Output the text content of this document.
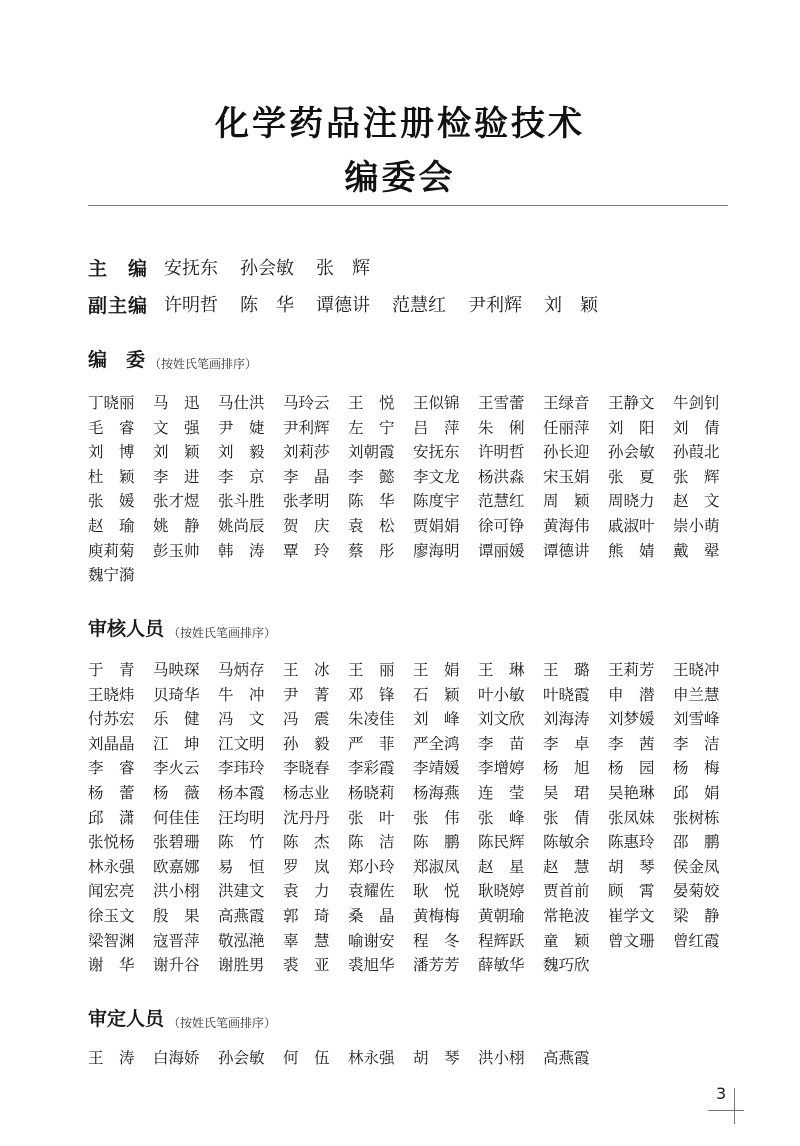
化学药品注册检验技术
编委会
主　编 安抚东 孙会敏 张　辉
副主编 许明哲 陈　华 谭德讲 范慧红 尹利辉 刘　颖
编　委 （按姓氏笔画排序）
丁晓丽	马　迅	马仕洪	马玲云	王　悦	王似锦	王雪蕾	王绿音	王静文	牛剑钊
毛　睿	文　强	尹　婕	尹利辉	左　宁	吕　萍	朱　俐	任丽萍	刘　阳	刘　倩
刘　博	刘　颖	刘　毅	刘莉莎	刘朝霞	安抚东	许明哲	孙长迎	孙会敏	孙葭北
杜　颖	李　进	李　京	李　晶	李　懿	李文龙	杨洪淼	宋玉娟	张　夏	张　辉
张　媛	张才煜	张斗胜	张孝明	陈　华	陈度宇	范慧红	周　颖	周晓力	赵　文
赵　瑜	姚　静	姚尚辰	贺　庆	袁　松	贾娟娟	徐可铮	黄海伟	戚淑叶	崇小萌
庾莉菊	彭玉帅	韩　涛	覃　玲	蔡　彤	廖海明	谭丽媛	谭德讲	熊　婧	戴　翚
魏宁漪
审核人员 （按姓氏笔画排序）
于　青	马映琛	马炳存	王　冰	王　丽	王　娟	王　琳	王　璐	王莉芳	王晓冲
王晓炜	贝琦华	牛　冲	尹　菁	邓　锋	石　颖	叶小敏	叶晓霞	申　潜	申兰慧
付苏宏	乐　健	冯　文	冯　震	朱凌佳	刘　峰	刘文欣	刘海涛	刘梦媛	刘雪峰
刘晶晶	江　坤	江文明	孙　毅	严　菲	严全鸿	李　苗	李　卓	李　茜	李　洁
李　睿	李火云	李玮玲	李晓春	李彩霞	李靖媛	李增婷	杨　旭	杨　园	杨　梅
杨　蕾	杨　薇	杨本霞	杨志业	杨晓莉	杨海燕	连　莹	吴　珺	吴艳琳	邱　娟
邱　潇	何佳佳	汪均明	沈丹丹	张　叶	张　伟	张　峰	张　倩	张凤妹	张树栋
张悦杨	张碧珊	陈　竹	陈　杰	陈　洁	陈　鹏	陈民辉	陈敏余	陈惠玲	邵　鹏
林永强	欧嘉娜	易　恒	罗　岚	郑小玲	郑淑凤	赵　星	赵　慧	胡　琴	侯金凤
闻宏亮	洪小栩	洪建文	袁　力	袁耀佐	耿　悦	耿晓婷	贾首前	顾　霄	晏菊姣
徐玉文	殷　果	高燕霞	郭　琦	桑　晶	黄梅梅	黄朝瑜	常艳波	崔学文	梁　静
梁智渊	寇晋萍	敬泓滟	辜　慧	喻谢安	程　冬	程辉跃	童　颖	曾文珊	曾红霞
谢　华	谢升谷	谢胜男	裘　亚	裘旭华	潘芳芳	薛敏华	魏巧欣
审定人员 （按姓氏笔画排序）
王　涛	白海娇	孙会敏	何　伍	林永强	胡　琴	洪小栩	高燕霞
3
